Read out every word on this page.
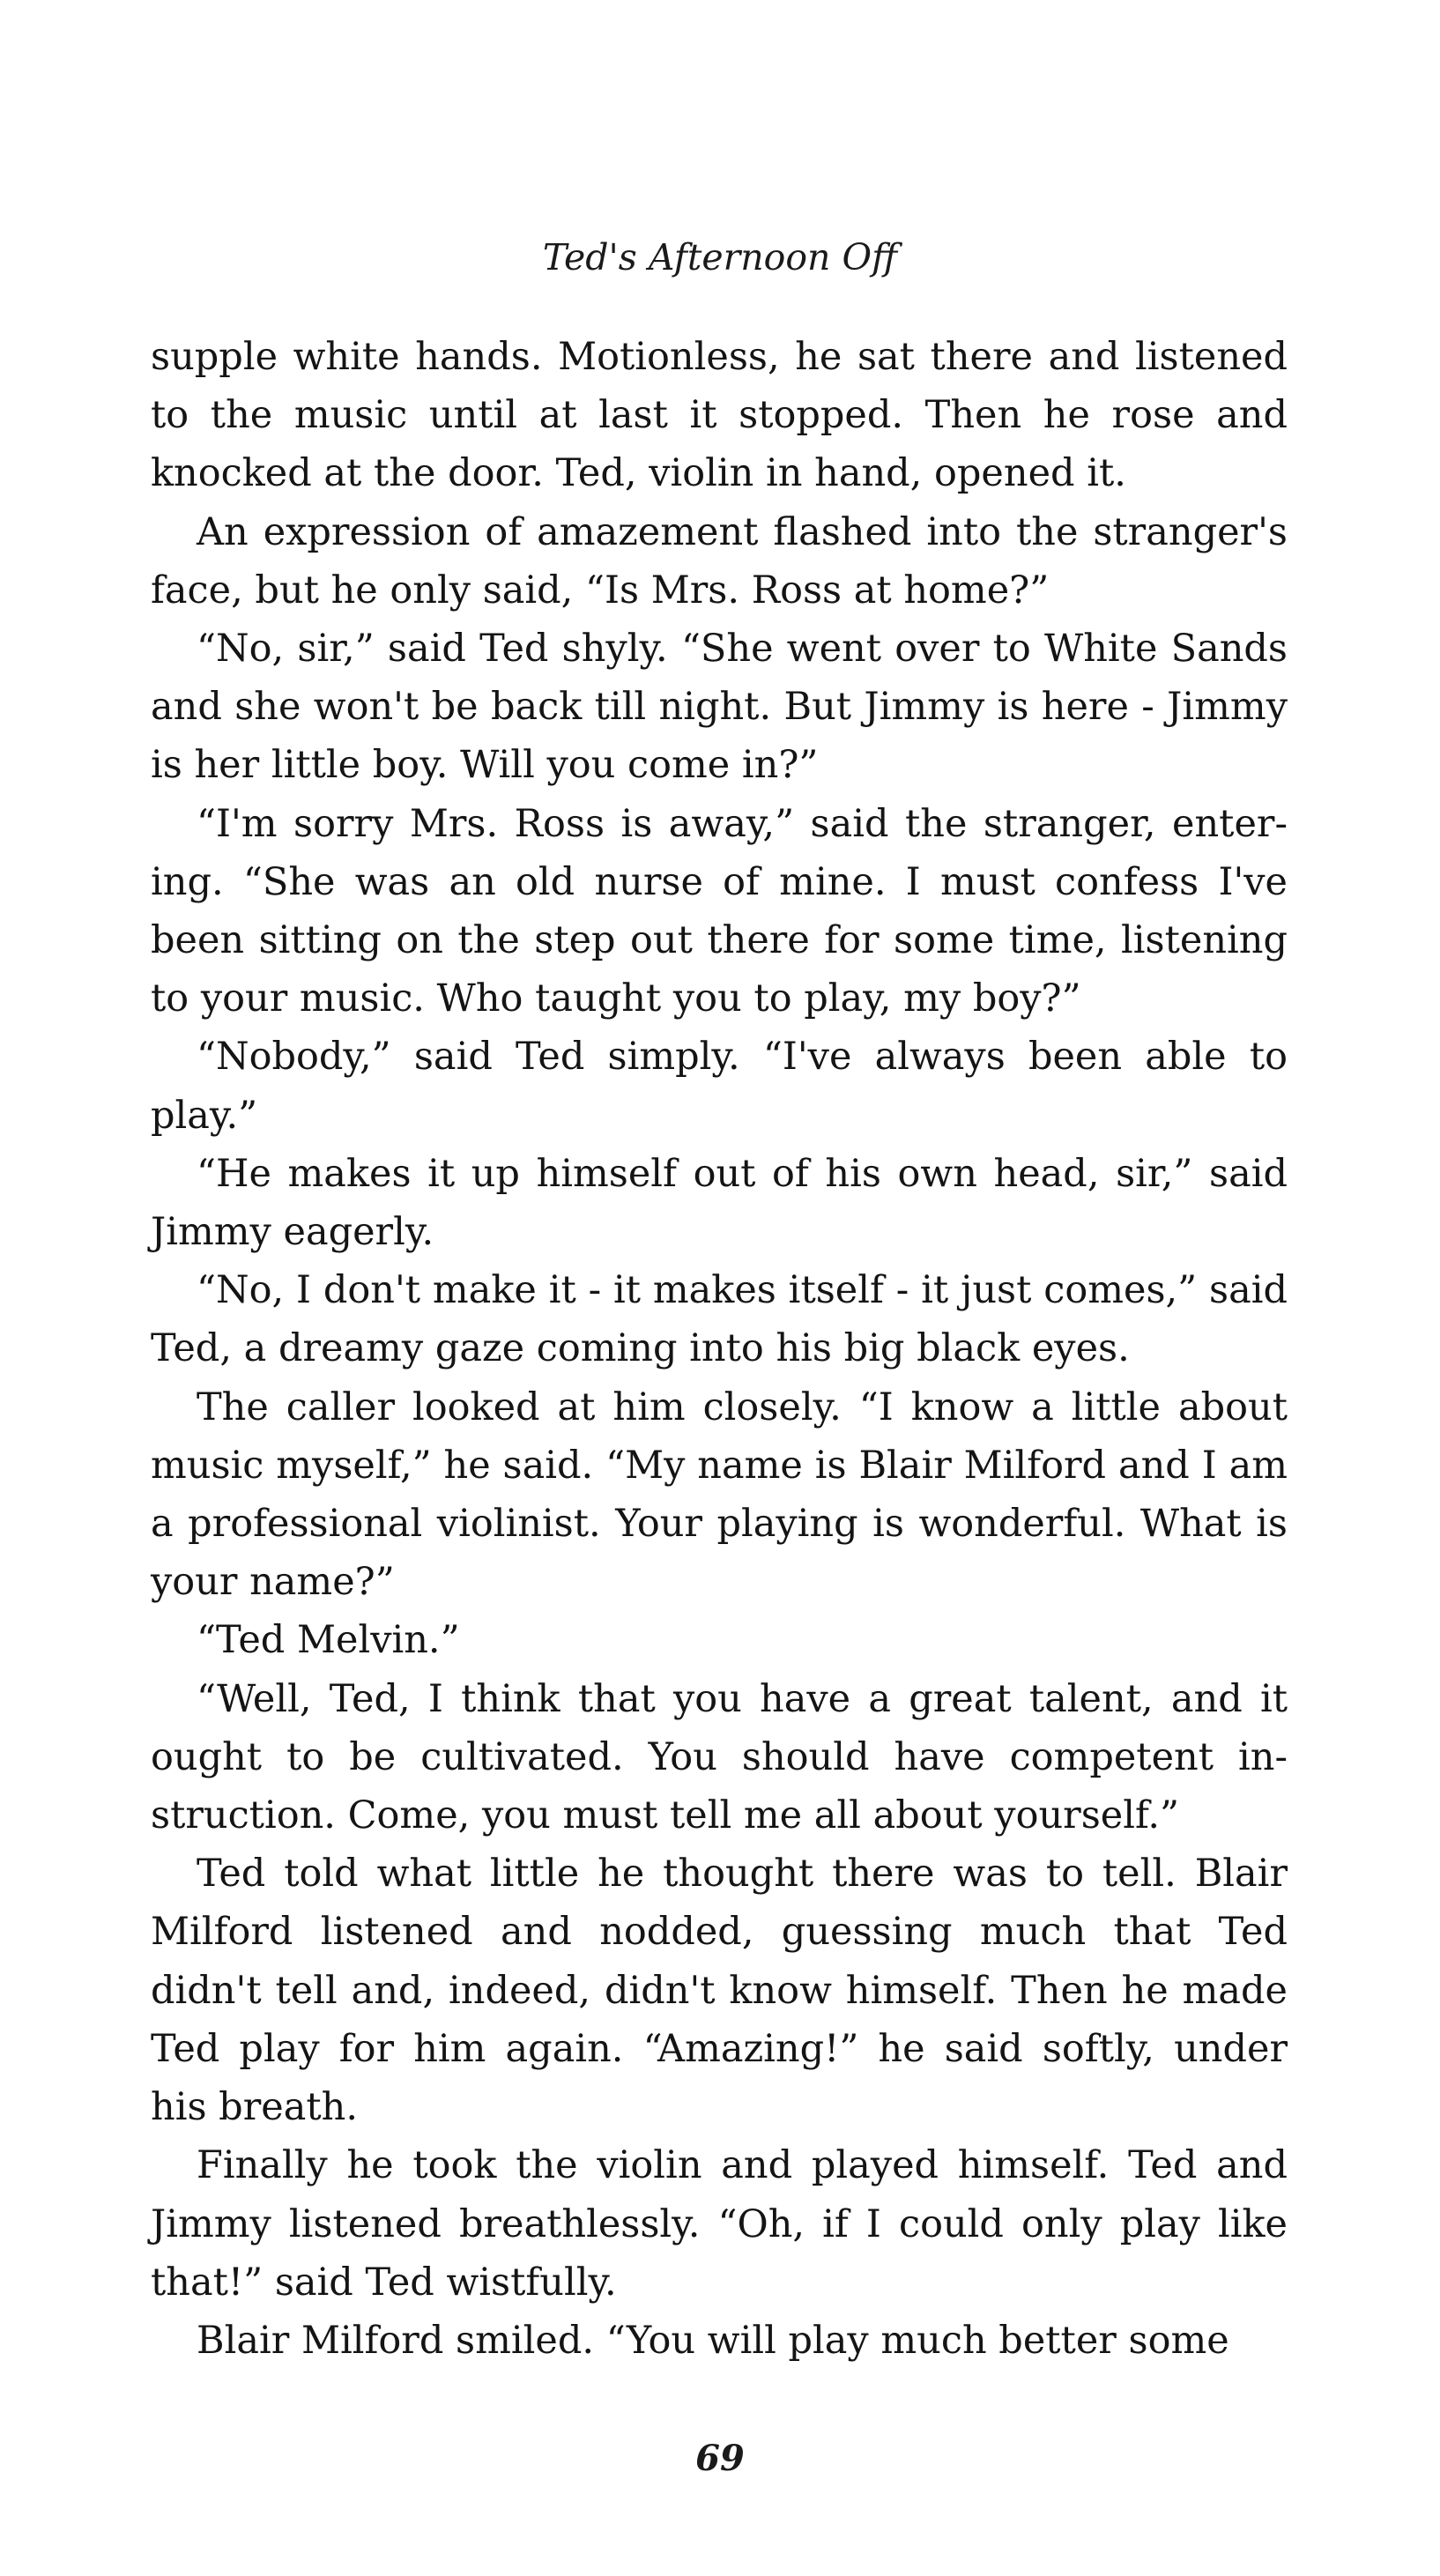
Ted's Afternoon Off

supple white hands. Motionless, he sat there and listened to the music until at last it stopped. Then he rose and knocked at the door. Ted, violin in hand, opened it.

An expression of amazement flashed into the stranger's face, but he only said, “Is Mrs. Ross at home?”

“No, sir,” said Ted shyly. “She went over to White Sands and she won't be back till night. But Jimmy is here - Jimmy is her little boy. Will you come in?”

“I'm sorry Mrs. Ross is away,” said the stranger, entering. “She was an old nurse of mine. I must confess I've been sitting on the step out there for some time, listening to your music. Who taught you to play, my boy?”

“Nobody,” said Ted simply. “I've always been able to play.”

“He makes it up himself out of his own head, sir,” said Jimmy eagerly.

“No, I don't make it - it makes itself - it just comes,” said Ted, a dreamy gaze coming into his big black eyes.

The caller looked at him closely. “I know a little about music myself,” he said. “My name is Blair Milford and I am a professional violinist. Your playing is wonderful. What is your name?”

“Ted Melvin.”

“Well, Ted, I think that you have a great talent, and it ought to be cultivated. You should have competent instruction. Come, you must tell me all about yourself.”

Ted told what little he thought there was to tell. Blair Milford listened and nodded, guessing much that Ted didn't tell and, indeed, didn't know himself. Then he made Ted play for him again. “Amazing!” he said softly, under his breath.

Finally he took the violin and played himself. Ted and Jimmy listened breathlessly. “Oh, if I could only play like that!” said Ted wistfully.

Blair Milford smiled. “You will play much better some

69
